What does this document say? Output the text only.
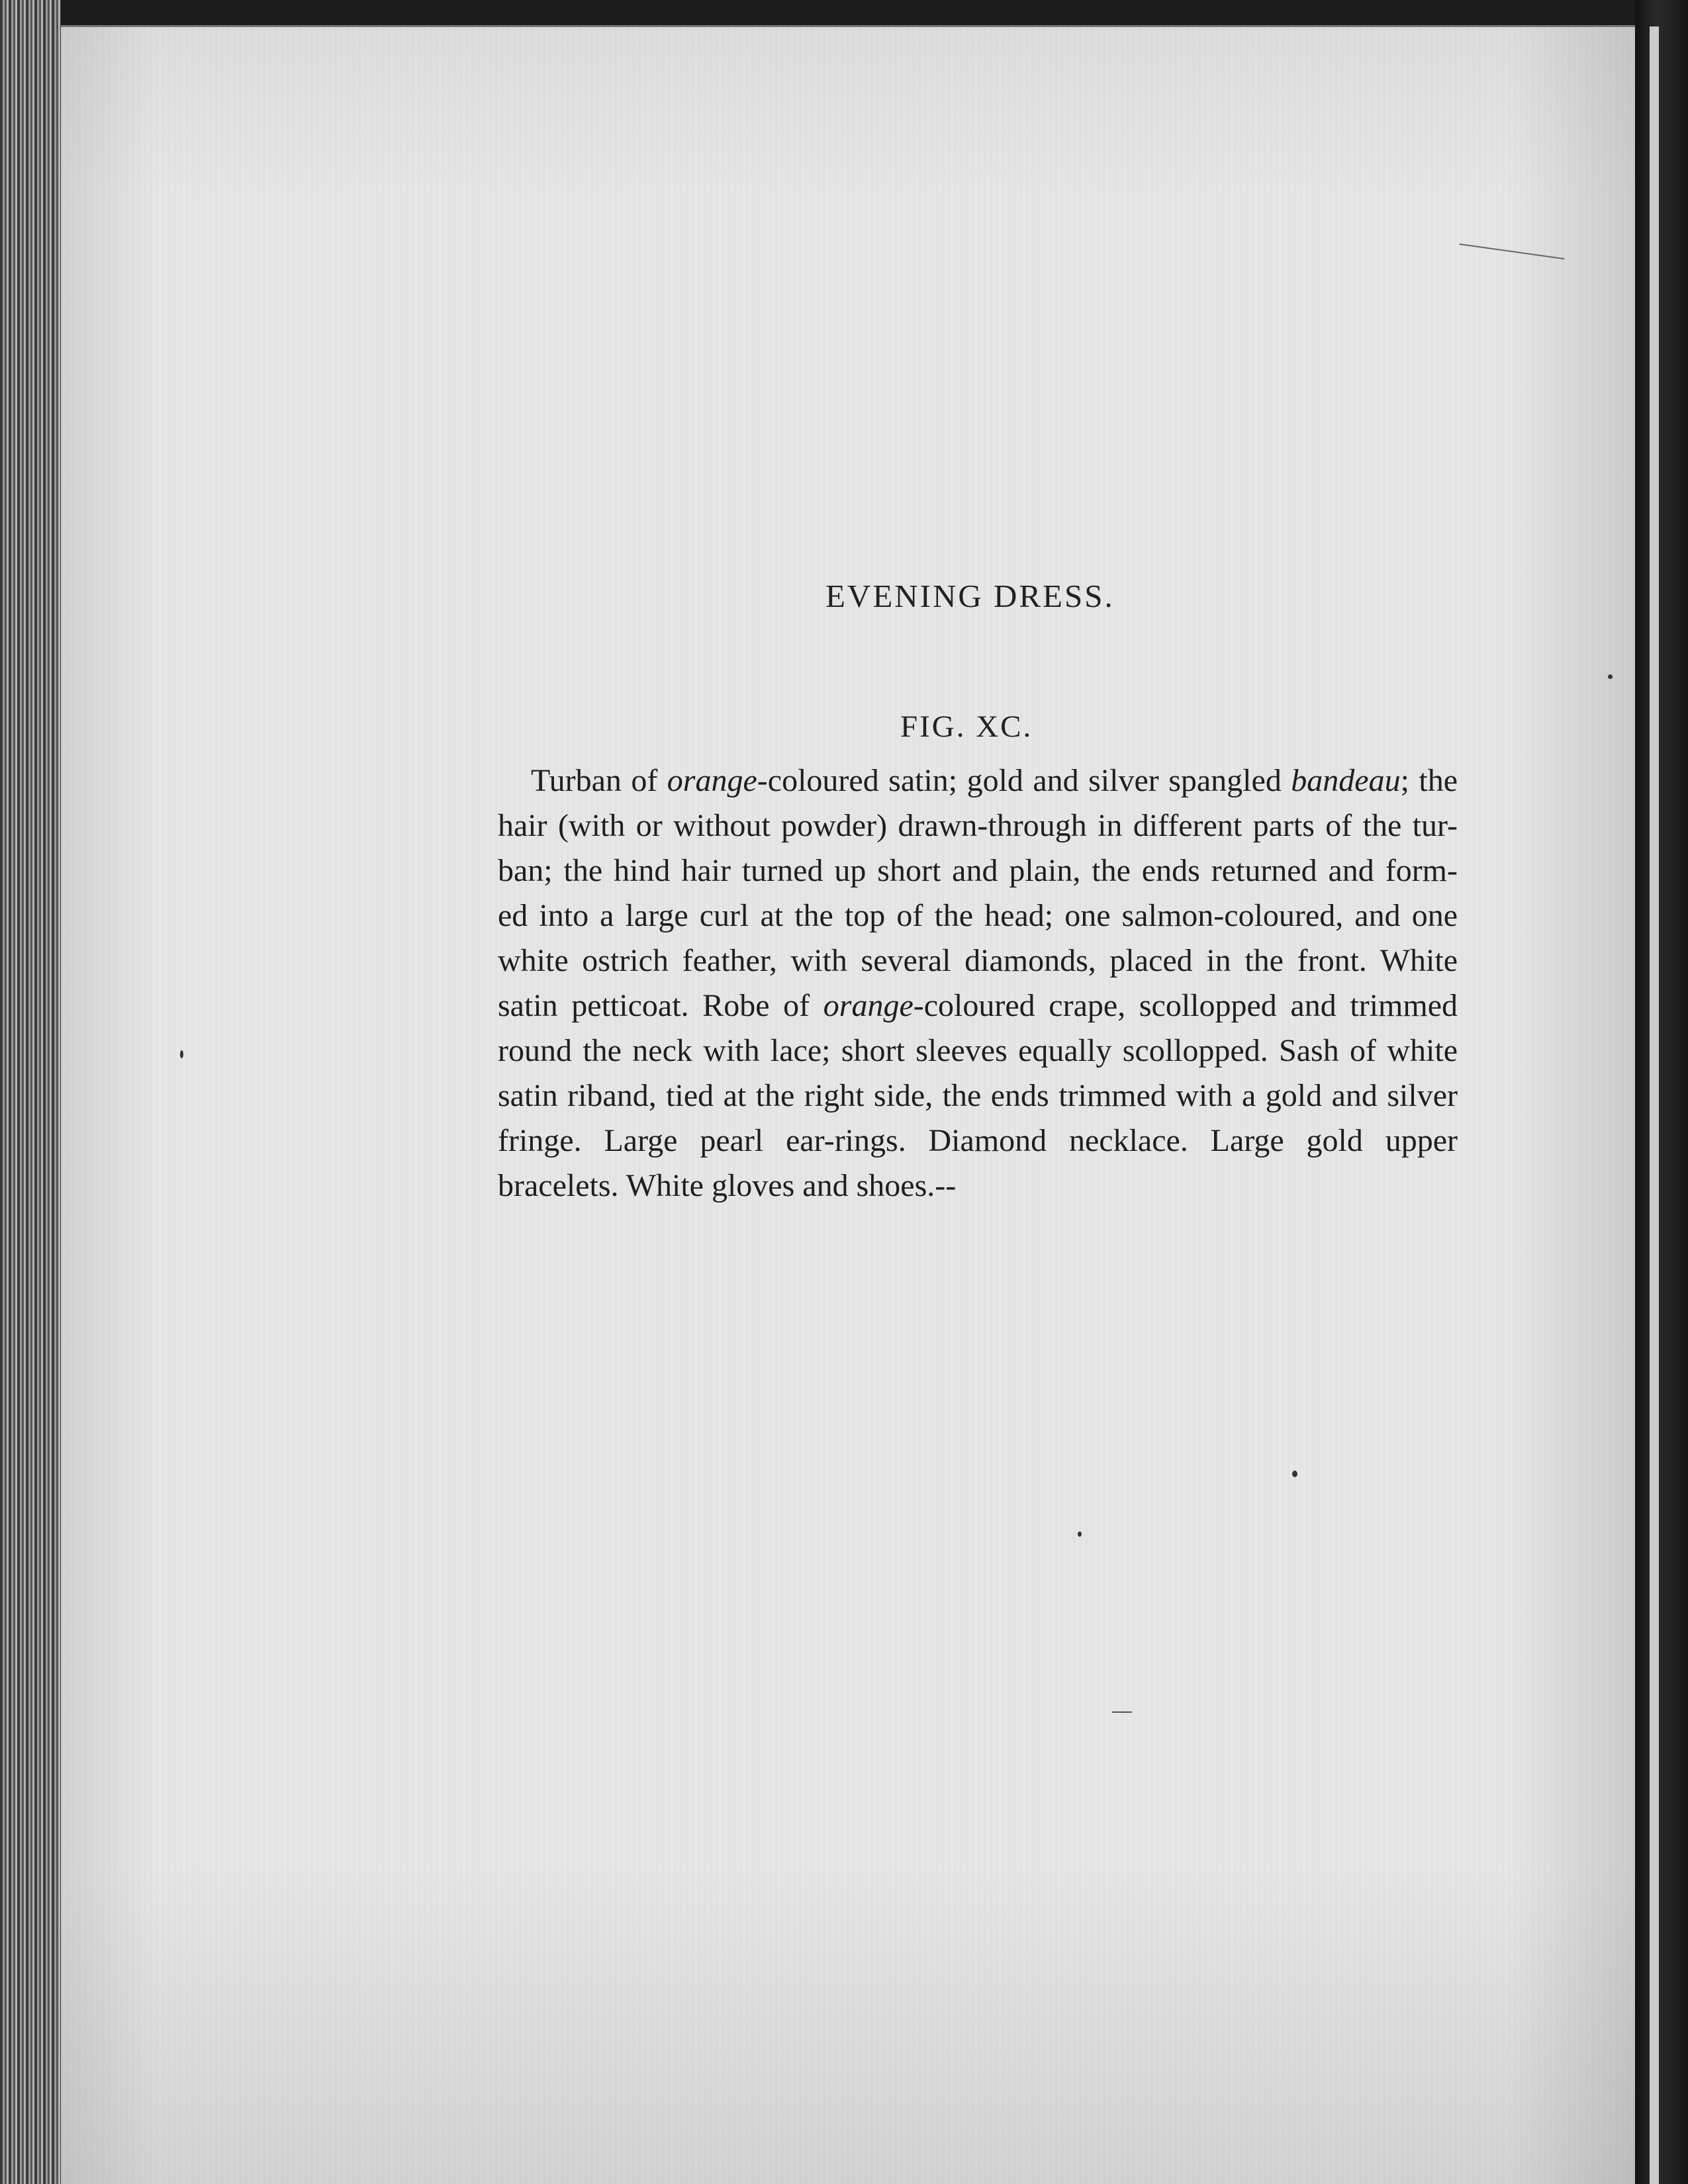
EVENING DRESS.
FIG. XC.
Turban of orange-coloured satin; gold and silver spangled bandeau; the
hair (with or without powder) drawn-through in different parts of the tur-
ban; the hind hair turned up short and plain, the ends returned and form-
ed into a large curl at the top of the head; one salmon-coloured, and one
white ostrich feather, with several diamonds, placed in the front. White
satin petticoat. Robe of orange-coloured crape, scollopped and trimmed
round the neck with lace; short sleeves equally scollopped. Sash of white
satin riband, tied at the right side, the ends trimmed with a gold and silver
fringe. Large pearl ear-rings. Diamond necklace. Large gold upper
bracelets. White gloves and shoes.--
